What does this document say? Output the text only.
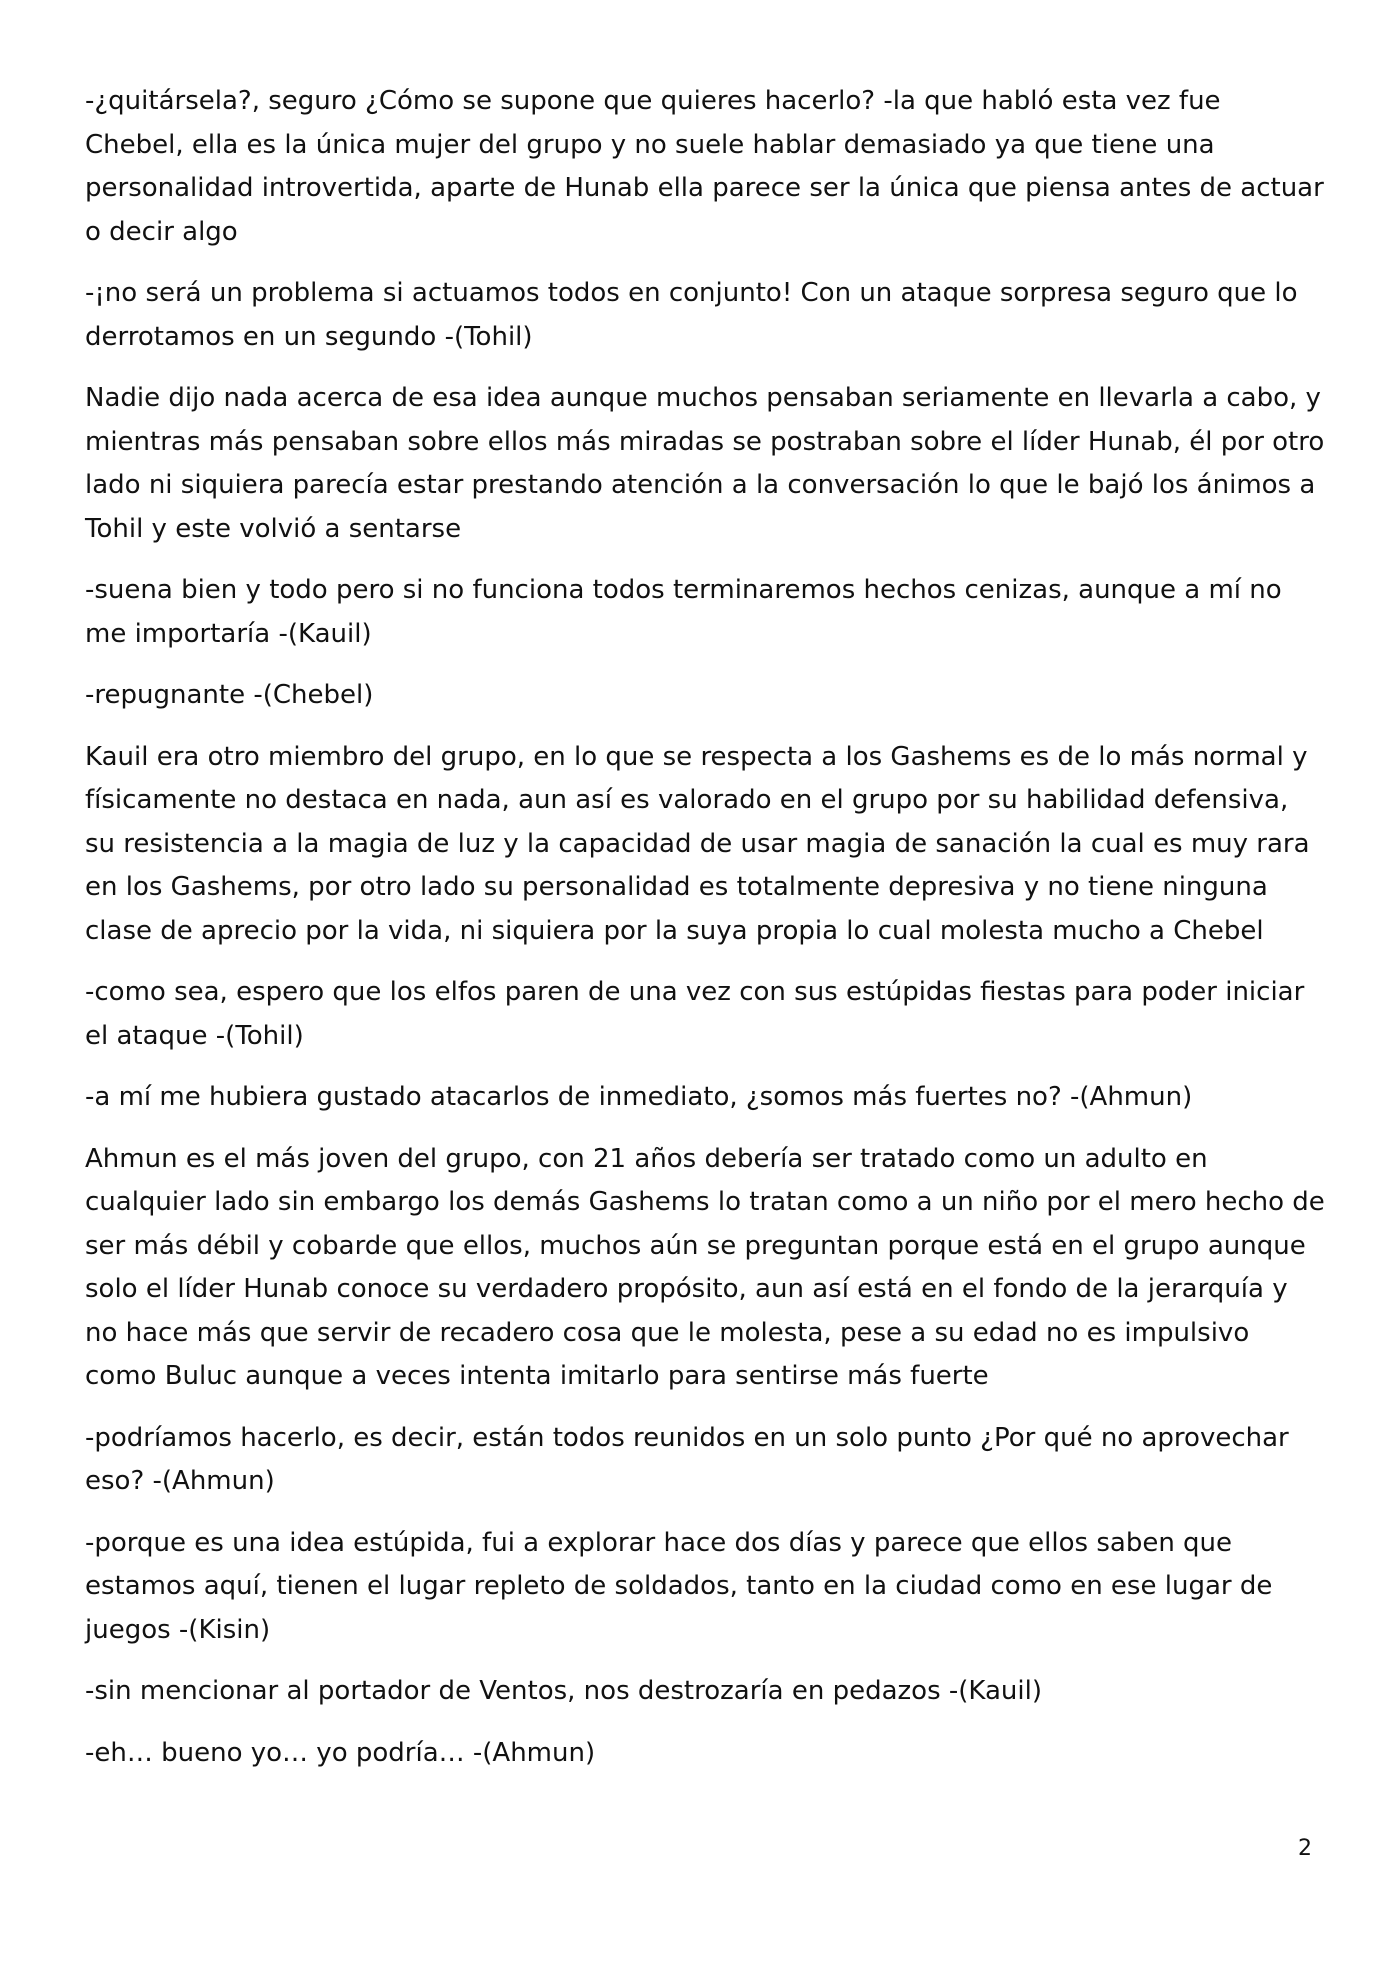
-¿quitársela?, seguro ¿Cómo se supone que quieres hacerlo? -la que habló esta vez fue Chebel, ella es la única mujer del grupo y no suele hablar demasiado ya que tiene una personalidad introvertida, aparte de Hunab ella parece ser la única que piensa antes de actuar o decir algo

-¡no será un problema si actuamos todos en conjunto! Con un ataque sorpresa seguro que lo derrotamos en un segundo -(Tohil)

Nadie dijo nada acerca de esa idea aunque muchos pensaban seriamente en llevarla a cabo, y mientras más pensaban sobre ellos más miradas se postraban sobre el líder Hunab, él por otro lado ni siquiera parecía estar prestando atención a la conversación lo que le bajó los ánimos a Tohil y este volvió a sentarse

-suena bien y todo pero si no funciona todos terminaremos hechos cenizas, aunque a mí no me importaría -(Kauil)

-repugnante -(Chebel)

Kauil era otro miembro del grupo, en lo que se respecta a los Gashems es de lo más normal y físicamente no destaca en nada, aun así es valorado en el grupo por su habilidad defensiva, su resistencia a la magia de luz y la capacidad de usar magia de sanación la cual es muy rara en los Gashems, por otro lado su personalidad es totalmente depresiva y no tiene ninguna clase de aprecio por la vida, ni siquiera por la suya propia lo cual molesta mucho a Chebel

-como sea, espero que los elfos paren de una vez con sus estúpidas fiestas para poder iniciar el ataque -(Tohil)

-a mí me hubiera gustado atacarlos de inmediato, ¿somos más fuertes no? -(Ahmun)

Ahmun es el más joven del grupo, con 21 años debería ser tratado como un adulto en cualquier lado sin embargo los demás Gashems lo tratan como a un niño por el mero hecho de ser más débil y cobarde que ellos, muchos aún se preguntan porque está en el grupo aunque solo el líder Hunab conoce su verdadero propósito, aun así está en el fondo de la jerarquía y no hace más que servir de recadero cosa que le molesta, pese a su edad no es impulsivo como Buluc aunque a veces intenta imitarlo para sentirse más fuerte

-podríamos hacerlo, es decir, están todos reunidos en un solo punto ¿Por qué no aprovechar eso? -(Ahmun)

-porque es una idea estúpida, fui a explorar hace dos días y parece que ellos saben que estamos aquí, tienen el lugar repleto de soldados, tanto en la ciudad como en ese lugar de juegos -(Kisin)

-sin mencionar al portador de Ventos, nos destrozaría en pedazos -(Kauil)

-eh… bueno yo… yo podría… -(Ahmun)

2
